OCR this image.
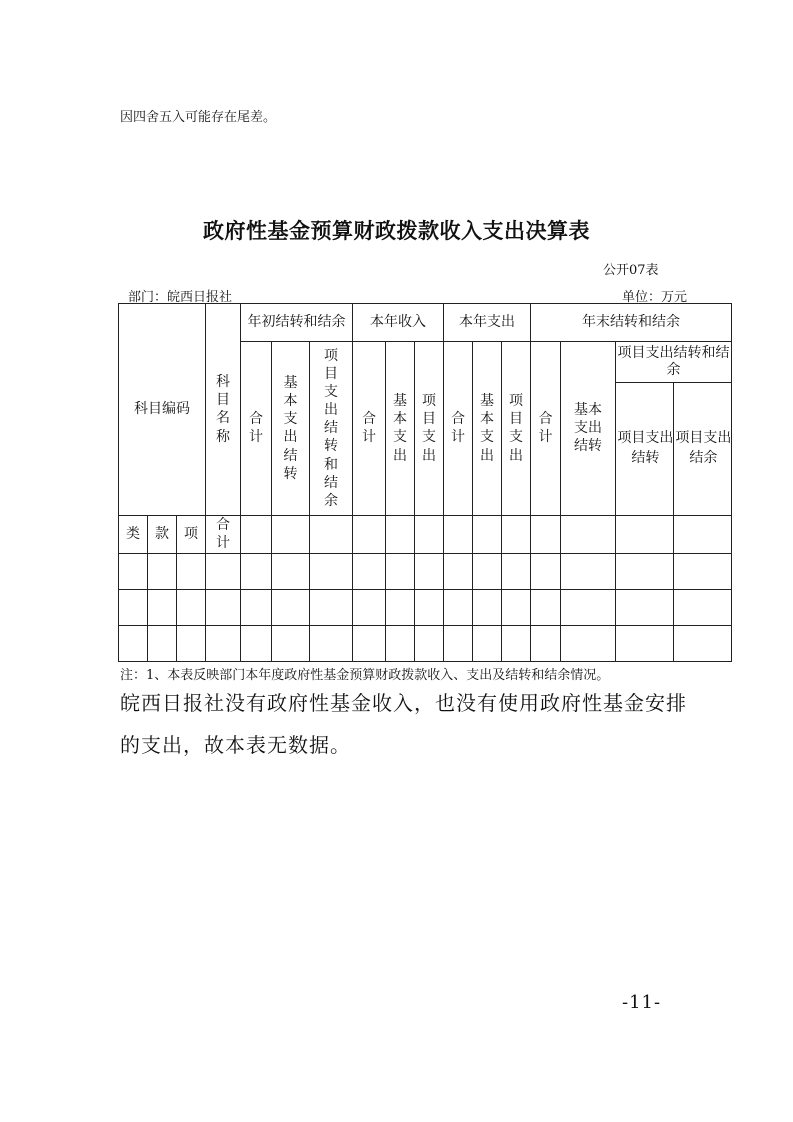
因四舍五入可能存在尾差。
政府性基金预算财政拨款收入支出决算表
公开07表
部门：皖西日报社	单位：万元
科目编码			科目名称	年初结转和结余			本年收入			本年支出			年末结转和结余			
				合计	基本支出结转	项目支出结转和结余	合计	基本支出	项目支出	合计	基本支出	项目支出	合计	基本支出结转	项目支出结转和结余	
															项目支出结转	项目支出结余
类	款	项	合计													

注：1、本表反映部门本年度政府性基金预算财政拨款收入、支出及结转和结余情况。
皖西日报社没有政府性基金收入，也没有使用政府性基金安排的支出，故本表无数据。
-11-
